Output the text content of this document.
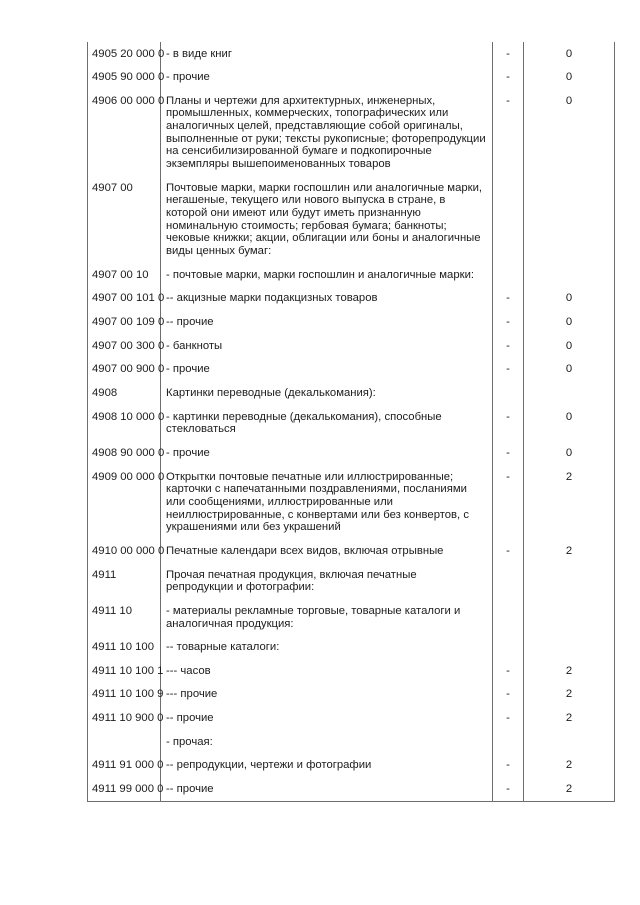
4905 20 000 0	- в виде книг	-	0
4905 90 000 0	- прочие	-	0
4906 00 000 0	Планы и чертежи для архитектурных, инженерных, промышленных, коммерческих, топографических или аналогичных целей, представляющие собой оригиналы, выполненные от руки; тексты рукописные; фоторепродукции на сенсибилизированной бумаге и подкопирочные экземпляры вышепоименованных товаров	-	0
4907 00	Почтовые марки, марки госпошлин или аналогичные марки, негашеные, текущего или нового выпуска в стране, в которой они имеют или будут иметь признанную номинальную стоимость; гербовая бумага; банкноты; чековые книжки; акции, облигации или боны и аналогичные виды ценных бумаг:		
4907 00 10	- почтовые марки, марки госпошлин и аналогичные марки:		
4907 00 101 0	-- акцизные марки подакцизных товаров	-	0
4907 00 109 0	-- прочие	-	0
4907 00 300 0	- банкноты	-	0
4907 00 900 0	- прочие	-	0
4908	Картинки переводные (декалькомания):		
4908 10 000 0	- картинки переводные (декалькомания), способные стекловаться	-	0
4908 90 000 0	- прочие	-	0
4909 00 000 0	Открытки почтовые печатные или иллюстрированные; карточки с напечатанными поздравлениями, посланиями или сообщениями, иллюстрированные или неиллюстрированные, с конвертами или без конвертов, с украшениями или без украшений	-	2
4910 00 000 0	Печатные календари всех видов, включая отрывные	-	2
4911	Прочая печатная продукция, включая печатные репродукции и фотографии:		
4911 10	- материалы рекламные торговые, товарные каталоги и аналогичная продукция:		
4911 10 100	-- товарные каталоги:		
4911 10 100 1	--- часов	-	2
4911 10 100 9	--- прочие	-	2
4911 10 900 0	-- прочие	-	2
	- прочая:		
4911 91 000 0	-- репродукции, чертежи и фотографии	-	2
4911 99 000 0	-- прочие	-	2
